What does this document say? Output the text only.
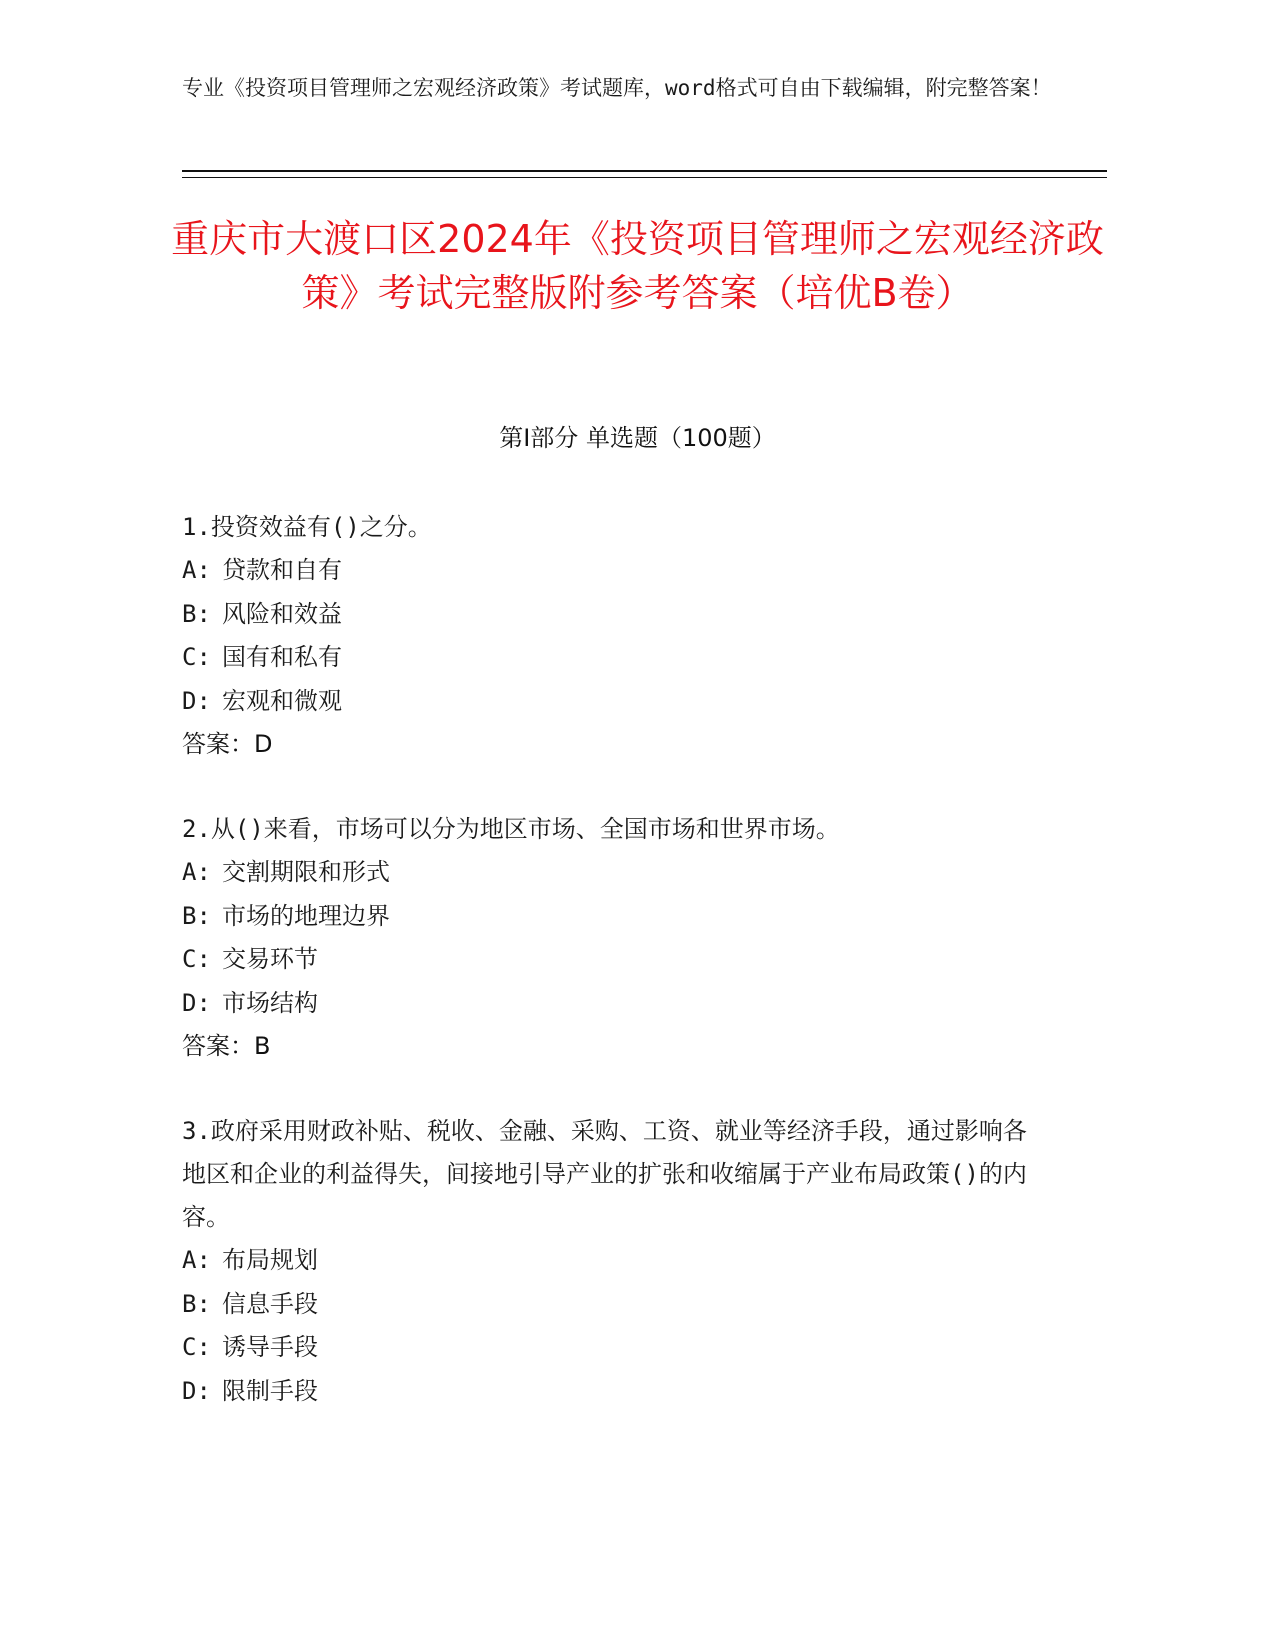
专业《投资项目管理师之宏观经济政策》考试题库，word格式可自由下载编辑，附完整答案！
重庆市大渡口区2024年《投资项目管理师之宏观经济政策》考试完整版附参考答案（培优B卷）
第Ⅰ部分 单选题（100题）
1.投资效益有()之分。
A: 贷款和自有
B: 风险和效益
C: 国有和私有
D: 宏观和微观
答案：D
2.从()来看，市场可以分为地区市场、全国市场和世界市场。
A: 交割期限和形式
B: 市场的地理边界
C: 交易环节
D: 市场结构
答案：B
3.政府采用财政补贴、税收、金融、采购、工资、就业等经济手段，通过影响各地区和企业的利益得失，间接地引导产业的扩张和收缩属于产业布局政策()的内容。
A: 布局规划
B: 信息手段
C: 诱导手段
D: 限制手段
